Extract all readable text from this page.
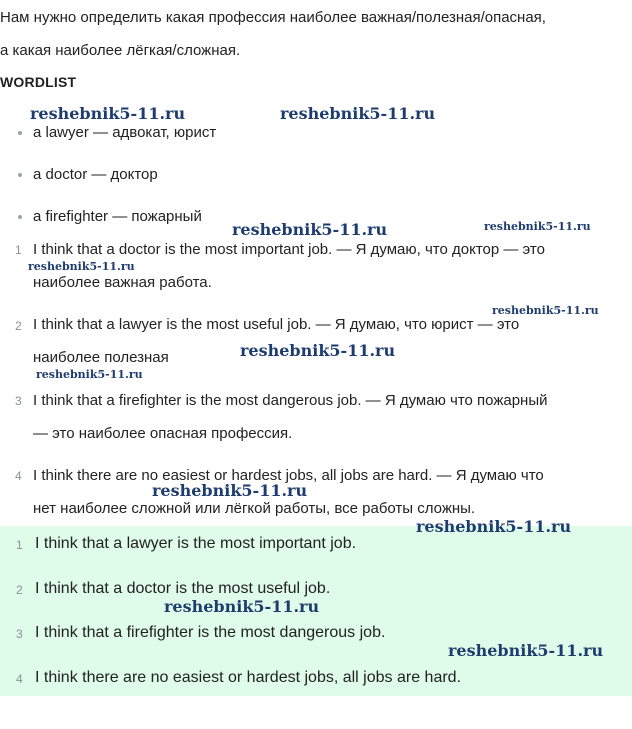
Нам нужно определить какая профессия наиболее важная/полезная/опасная,
а какая наиболее лёгкая/сложная.
WORDLIST
a lawyer — адвокат, юрист
a doctor — доктор
a firefighter — пожарный
1 I think that a doctor is the most important job. — Я думаю, что доктор — это
наиболее важная работа.
2 I think that a lawyer is the most useful job. — Я думаю, что юрист — это
наиболее полезная
3 I think that a firefighter is the most dangerous job. — Я думаю что пожарный
— это наиболее опасная профессия.
4 I think there are no easiest or hardest jobs, all jobs are hard. — Я думаю что
нет наиболее сложной или лёгкой работы, все работы сложны.
1 I think that a lawyer is the most important job.
2 I think that a doctor is the most useful job.
3 I think that a firefighter is the most dangerous job.
4 I think there are no easiest or hardest jobs, all jobs are hard.
reshebnik5-11.ru	reshebnik5-11.ru
reshebnik5-11.ru	reshebnik5-11.ru
reshebnik5-11.ru
reshebnik5-11.ru
reshebnik5-11.ru
reshebnik5-11.ru
reshebnik5-11.ru
reshebnik5-11.ru
reshebnik5-11.ru
reshebnik5-11.ru
